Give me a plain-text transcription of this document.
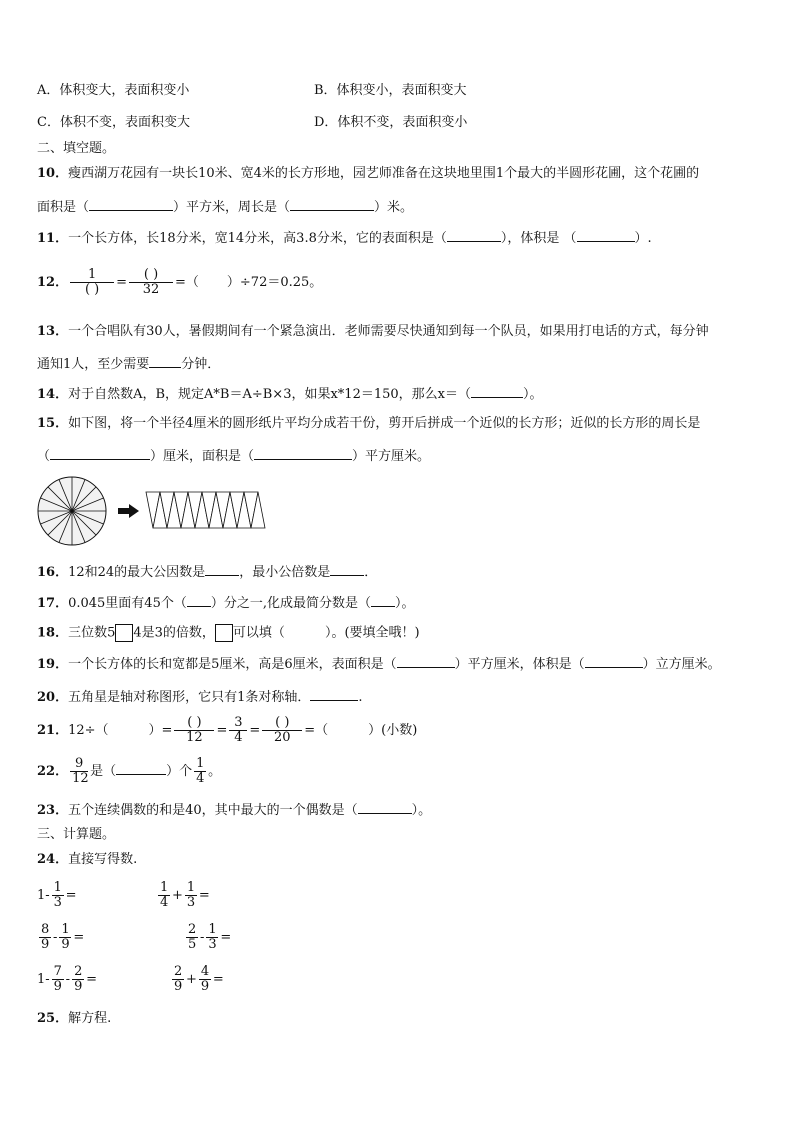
A．体积变大，表面积变小	B．体积变小，表面积变大
C．体积不变，表面积变大	D．体积不变，表面积变小
二、填空题。
10．瘦西湖万花园有一块长10米、宽4米的长方形地，园艺师准备在这块地里围1个最大的半圆形花圃，这个花圃的
面积是（	）平方米，周长是（	）米。
11．一个长方体，长18分米，宽14分米，高3.8分米，它的表面积是（	），体积是 （	）.
12． $\frac{1}{( )} = \frac{( )}{32}$ =（ ）÷72＝0.25。
13．一个合唱队有30人，暑假期间有一个紧急演出．老师需要尽快通知到每一个队员，如果用打电话的方式，每分钟
通知1人，至少需要 分钟．
14．对于自然数A，B，规定A*B＝A÷B×3，如果x*12＝150，那么x＝（	）。
15．如下图，将一个半径4厘米的圆形纸片平均分成若干份，剪开后拼成一个近似的长方形；近似的长方形的周长是
（	）厘米，面积是（	）平方厘米。
16．12和24的最大公因数是	，最小公倍数是	．
17．0.045里面有45个（ ）分之一,化成最简分数是（ ）。
18．三位数5 4是3的倍数， 可以填（	）。(要填全哦！)
19．一个长方体的长和宽都是5厘米，高是6厘米，表面积是（	）平方厘米，体积是（	）立方厘米。
20．五角星是轴对称图形，它只有1条对称轴．	.
21．12÷（	）= $\frac{( )}{12} = \frac{3}{4} = \frac{( )}{20}$ =（	）(小数)
22． $\frac{9}{12}$ 是（	）个 $\frac{1}{4}$ 。
23．五个连续偶数的和是40，其中最大的一个偶数是（	）。
三、计算题。
24．直接写得数.
$1- \frac{1}{3}$ =	$\frac{1}{4} + \frac{1}{3}$ =
$\frac{8}{9} - \frac{1}{9}$ =	$\frac{2}{5} - \frac{1}{3}$ =
$1- \frac{7}{9} - \frac{2}{9}$ =	$\frac{2}{9} + \frac{4}{9}$ =
25．解方程.
